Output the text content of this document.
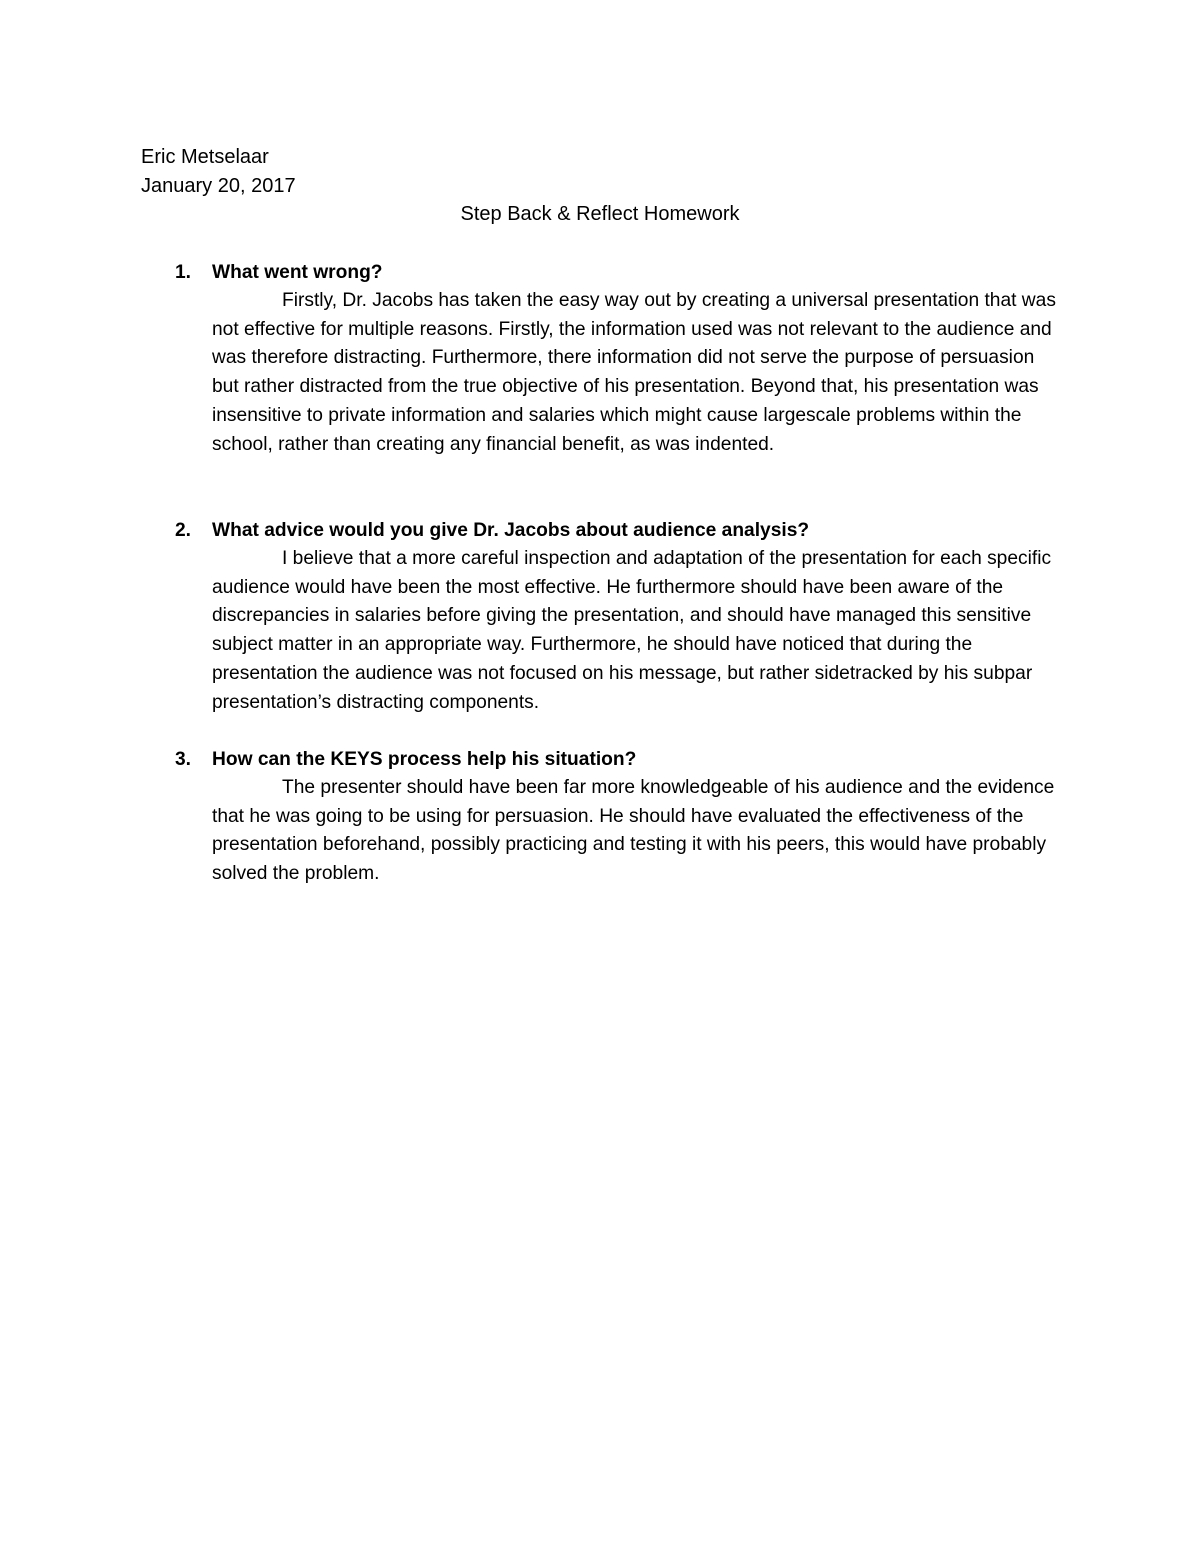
Eric Metselaar
January 20, 2017
Step Back & Reflect Homework
1.	What went wrong?
Firstly, Dr. Jacobs has taken the easy way out by creating a universal presentation that was not effective for multiple reasons. Firstly, the information used was not relevant to the audience and was therefore distracting. Furthermore, there information did not serve the purpose of persuasion but rather distracted from the true objective of his presentation. Beyond that, his presentation was insensitive to private information and salaries which might cause largescale problems within the school, rather than creating any financial benefit, as was indented.
2.	What advice would you give Dr. Jacobs about audience analysis?
I believe that a more careful inspection and adaptation of the presentation for each specific audience would have been the most effective. He furthermore should have been aware of the discrepancies in salaries before giving the presentation, and should have managed this sensitive subject matter in an appropriate way. Furthermore, he should have noticed that during the presentation the audience was not focused on his message, but rather sidetracked by his subpar presentation’s distracting components.
3.	How can the KEYS process help his situation?
The presenter should have been far more knowledgeable of his audience and the evidence that he was going to be using for persuasion. He should have evaluated the effectiveness of the presentation beforehand, possibly practicing and testing it with his peers, this would have probably solved the problem.
